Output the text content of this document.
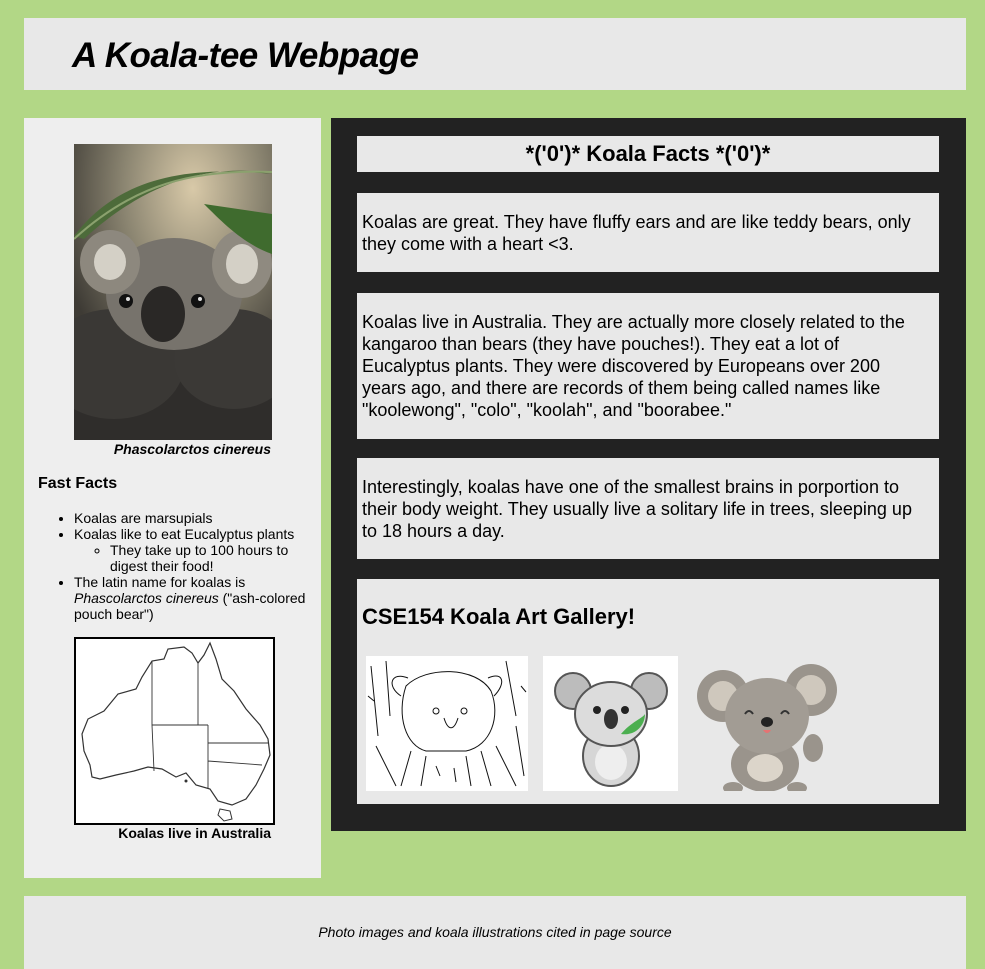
A Koala-tee Webpage
Phascolarctos cinereus
Fast Facts
• Koalas are marsupials
• Koalas like to eat Eucalyptus plants
◦ They take up to 100 hours to digest their food!
• The latin name for koalas is Phascolarctos cinereus ("ash-colored pouch bear")
Koalas live in Australia
*('0')* Koala Facts *('0')*

Koalas are great. They have fluffy ears and are like teddy bears, only they come with a heart <3.

Koalas live in Australia. They are actually more closely related to the kangaroo than bears (they have pouches!). They eat a lot of Eucalyptus plants. They were discovered by Europeans over 200 years ago, and there are records of them being called names like "koolewong", "colo", "koolah", and "boorabee."

Interestingly, koalas have one of the smallest brains in porportion to their body weight. They usually live a solitary life in trees, sleeping up to 18 hours a day.

CSE154 Koala Art Gallery!

Photo images and koala illustrations cited in page source
